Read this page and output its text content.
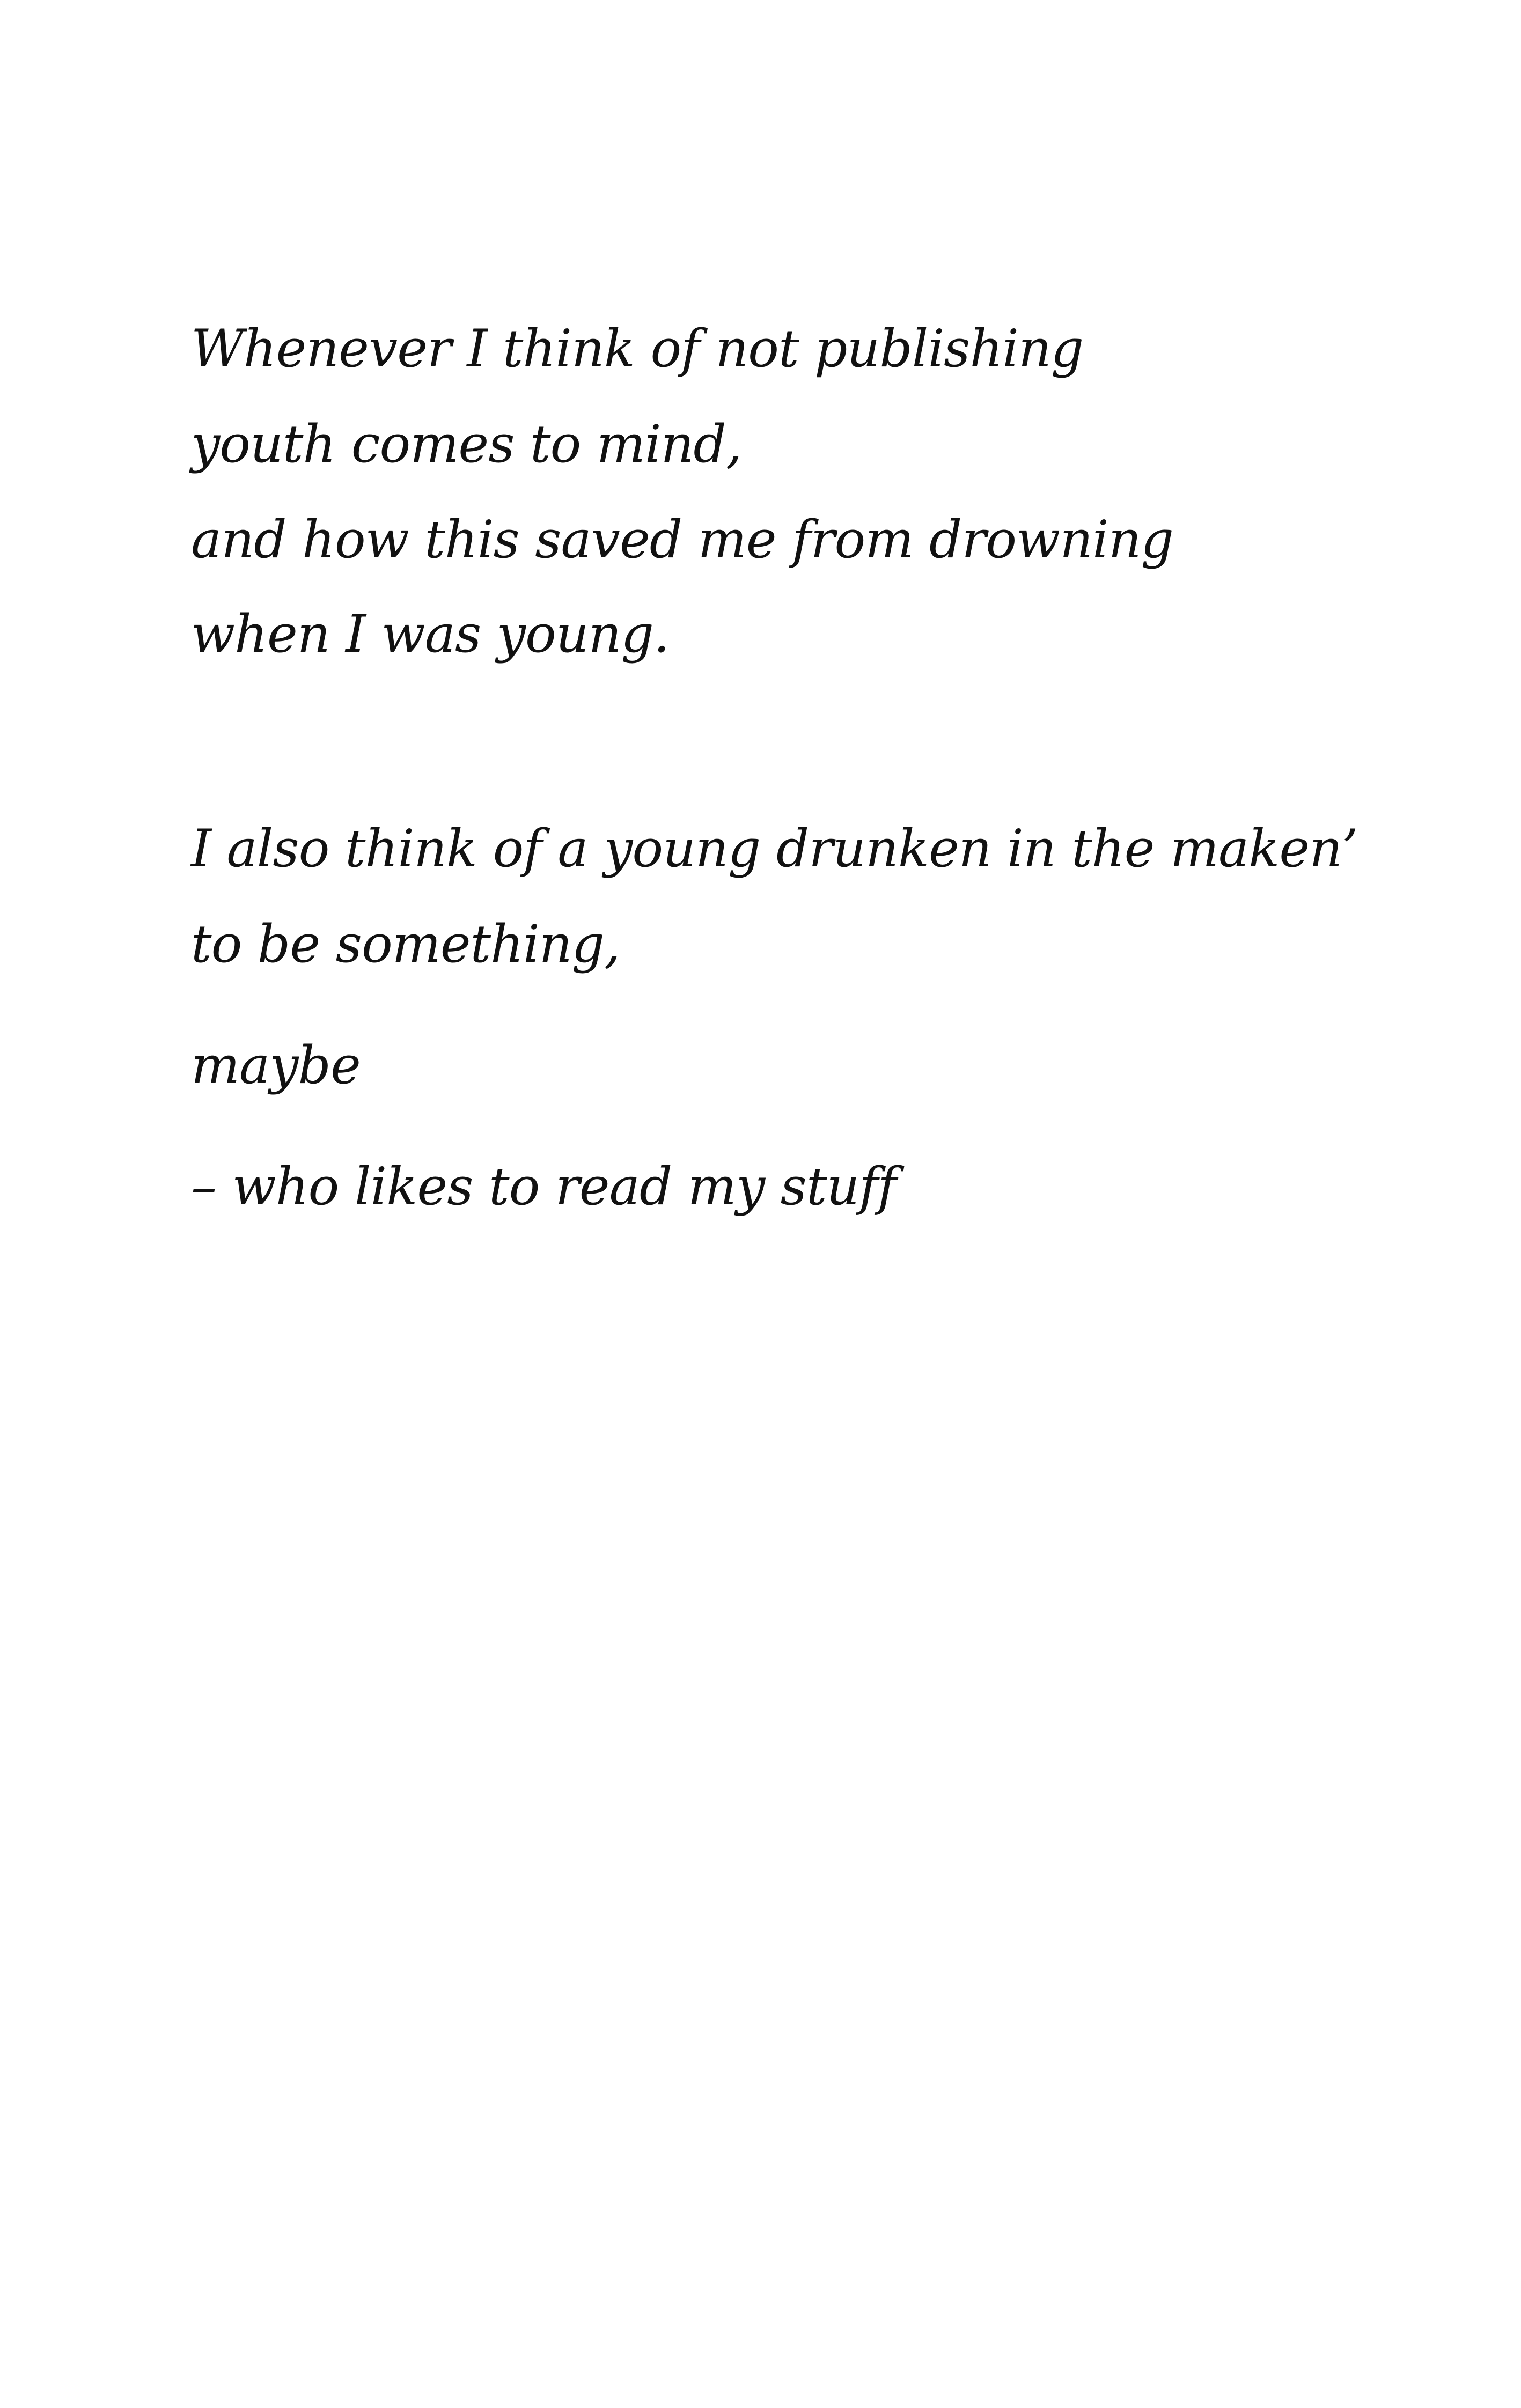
Whenever I think of not publishing

youth comes to mind,

and how this saved me from drowning

when I was young.

I also think of a young drunken in the maken’

to be something,

maybe

– who likes to read my stuff
